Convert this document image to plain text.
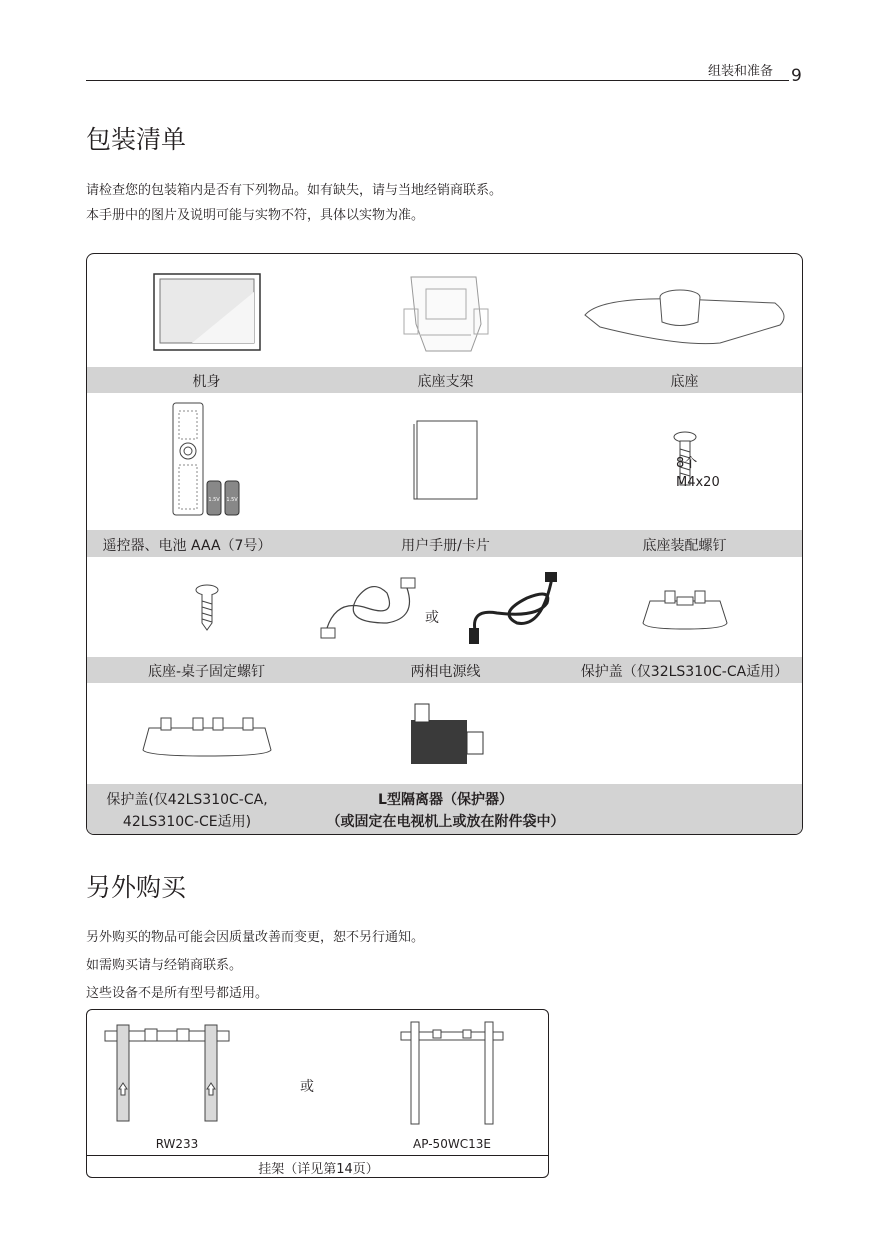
组装和准备 9
包装清单
请检查您的包装箱内是否有下列物品。如有缺失，请与当地经销商联系。
本手册中的图片及说明可能与实物不符，具体以实物为准。
机身	底座支架	底座
1.5V 1.5V
8个
M4x20
遥控器、电池 AAA（7号）	用户手册/卡片	底座装配螺钉
或
底座-桌子固定螺钉	两相电源线	保护盖（仅32LS310C-CA适用）
保护盖(仅42LS310C-CA,
42LS310C-CE适用)
L型隔离器（保护器）
（或固定在电视机上或放在附件袋中）
另外购买
另外购买的物品可能会因质量改善而变更，恕不另行通知。
如需购买请与经销商联系。
这些设备不是所有型号都适用。
或
RW233	AP-50WC13E
挂架（详见第14页）
